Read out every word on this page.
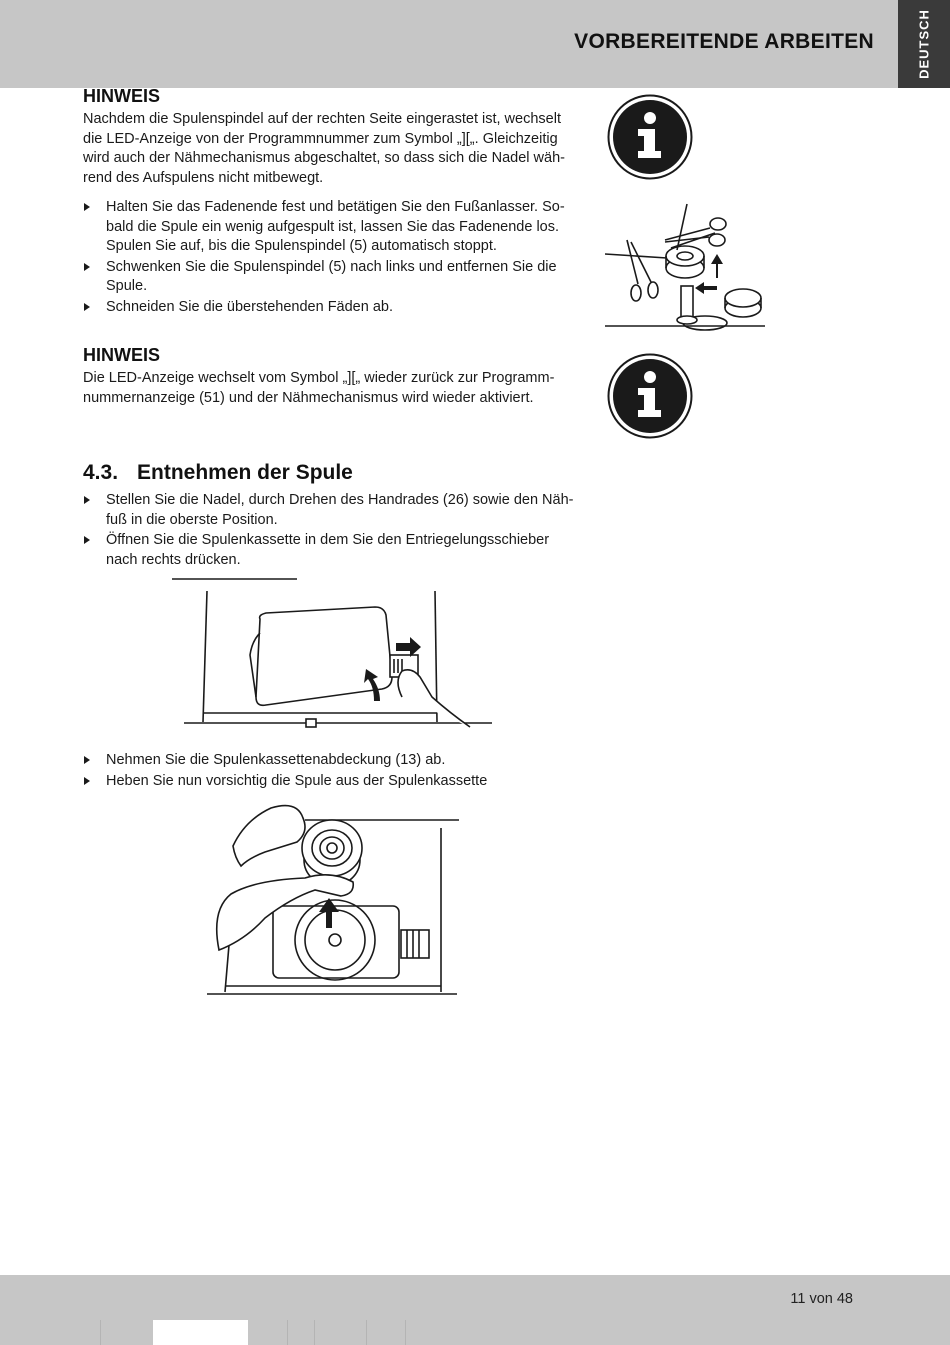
VORBEREITENDE ARBEITEN	DEUTSCH
HINWEIS
Nachdem die Spulenspindel auf der rechten Seite eingerastet ist, wechselt
die LED-Anzeige von der Programmnummer zum Symbol „][„. Gleichzeitig
wird auch der Nähmechanismus abgeschaltet, so dass sich die Nadel wäh-
rend des Aufspulens nicht mitbewegt.
Halten Sie das Fadenende fest und betätigen Sie den Fußanlasser. So-
bald die Spule ein wenig aufgespult ist, lassen Sie das Fadenende los.
Spulen Sie auf, bis die Spulenspindel (5) automatisch stoppt.
Schwenken Sie die Spulenspindel (5) nach links und entfernen Sie die
Spule.
Schneiden Sie die überstehenden Fäden ab.
HINWEIS
Die LED-Anzeige wechselt vom Symbol „][„ wieder zurück zur Programm-
nummernanzeige (51) und der Nähmechanismus wird wieder aktiviert.
4.3. Entnehmen der Spule
Stellen Sie die Nadel, durch Drehen des Handrades (26) sowie den Näh-
fuß in die oberste Position.
Öffnen Sie die Spulenkassette in dem Sie den Entriegelungsschieber
nach rechts drücken.
Nehmen Sie die Spulenkassettenabdeckung (13) ab.
Heben Sie nun vorsichtig die Spule aus der Spulenkassette
11 von 48
